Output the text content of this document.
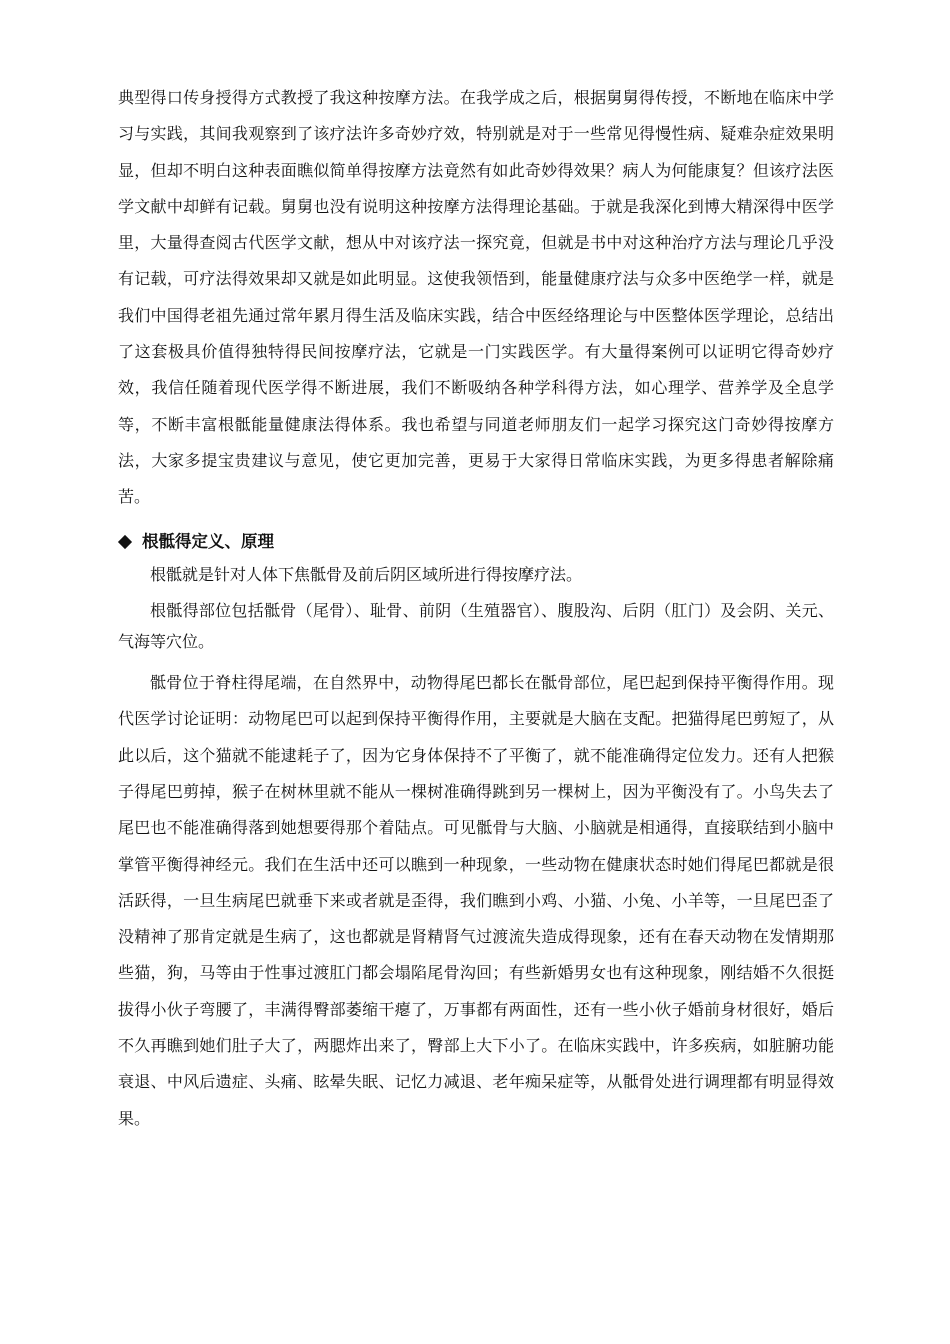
典型得口传身授得方式教授了我这种按摩方法。在我学成之后，根据舅舅得传授，不断地在临床中学习与实践，其间我观察到了该疗法许多奇妙疗效，特别就是对于一些常见得慢性病、疑难杂症效果明显，但却不明白这种表面瞧似简单得按摩方法竟然有如此奇妙得效果？病人为何能康复？但该疗法医学文献中却鲜有记载。舅舅也没有说明这种按摩方法得理论基础。于就是我深化到博大精深得中医学里，大量得查阅古代医学文献，想从中对该疗法一探究竟，但就是书中对这种治疗方法与理论几乎没有记载，可疗法得效果却又就是如此明显。这使我领悟到，能量健康疗法与众多中医绝学一样，就是我们中国得老祖先通过常年累月得生活及临床实践，结合中医经络理论与中医整体医学理论，总结出了这套极具价值得独特得民间按摩疗法，它就是一门实践医学。有大量得案例可以证明它得奇妙疗效，我信任随着现代医学得不断进展，我们不断吸纳各种学科得方法，如心理学、营养学及全息学等，不断丰富根骶能量健康法得体系。我也希望与同道老师朋友们一起学习探究这门奇妙得按摩方法，大家多提宝贵建议与意见，使它更加完善，更易于大家得日常临床实践，为更多得患者解除痛苦。

根骶得定义、原理

根骶就是针对人体下焦骶骨及前后阴区域所进行得按摩疗法。

根骶得部位包括骶骨（尾骨）、耻骨、前阴（生殖器官）、腹股沟、后阴（肛门）及会阴、关元、气海等穴位。

骶骨位于脊柱得尾端，在自然界中，动物得尾巴都长在骶骨部位，尾巴起到保持平衡得作用。现代医学讨论证明：动物尾巴可以起到保持平衡得作用，主要就是大脑在支配。把猫得尾巴剪短了，从此以后，这个猫就不能逮耗子了，因为它身体保持不了平衡了，就不能准确得定位发力。还有人把猴子得尾巴剪掉，猴子在树林里就不能从一棵树准确得跳到另一棵树上，因为平衡没有了。小鸟失去了尾巴也不能准确得落到她想要得那个着陆点。可见骶骨与大脑、小脑就是相通得，直接联结到小脑中掌管平衡得神经元。我们在生活中还可以瞧到一种现象，一些动物在健康状态时她们得尾巴都就是很活跃得，一旦生病尾巴就垂下来或者就是歪得，我们瞧到小鸡、小猫、小兔、小羊等，一旦尾巴歪了没精神了那肯定就是生病了，这也都就是肾精肾气过渡流失造成得现象，还有在春天动物在发情期那些猫，狗，马等由于性事过渡肛门都会塌陷尾骨沟回；有些新婚男女也有这种现象，刚结婚不久很挺拔得小伙子弯腰了，丰满得臀部萎缩干瘪了，万事都有两面性，还有一些小伙子婚前身材很好，婚后不久再瞧到她们肚子大了，两腮炸出来了，臀部上大下小了。在临床实践中，许多疾病，如脏腑功能衰退、中风后遗症、头痛、眩晕失眠、记忆力减退、老年痴呆症等，从骶骨处进行调理都有明显得效果。
